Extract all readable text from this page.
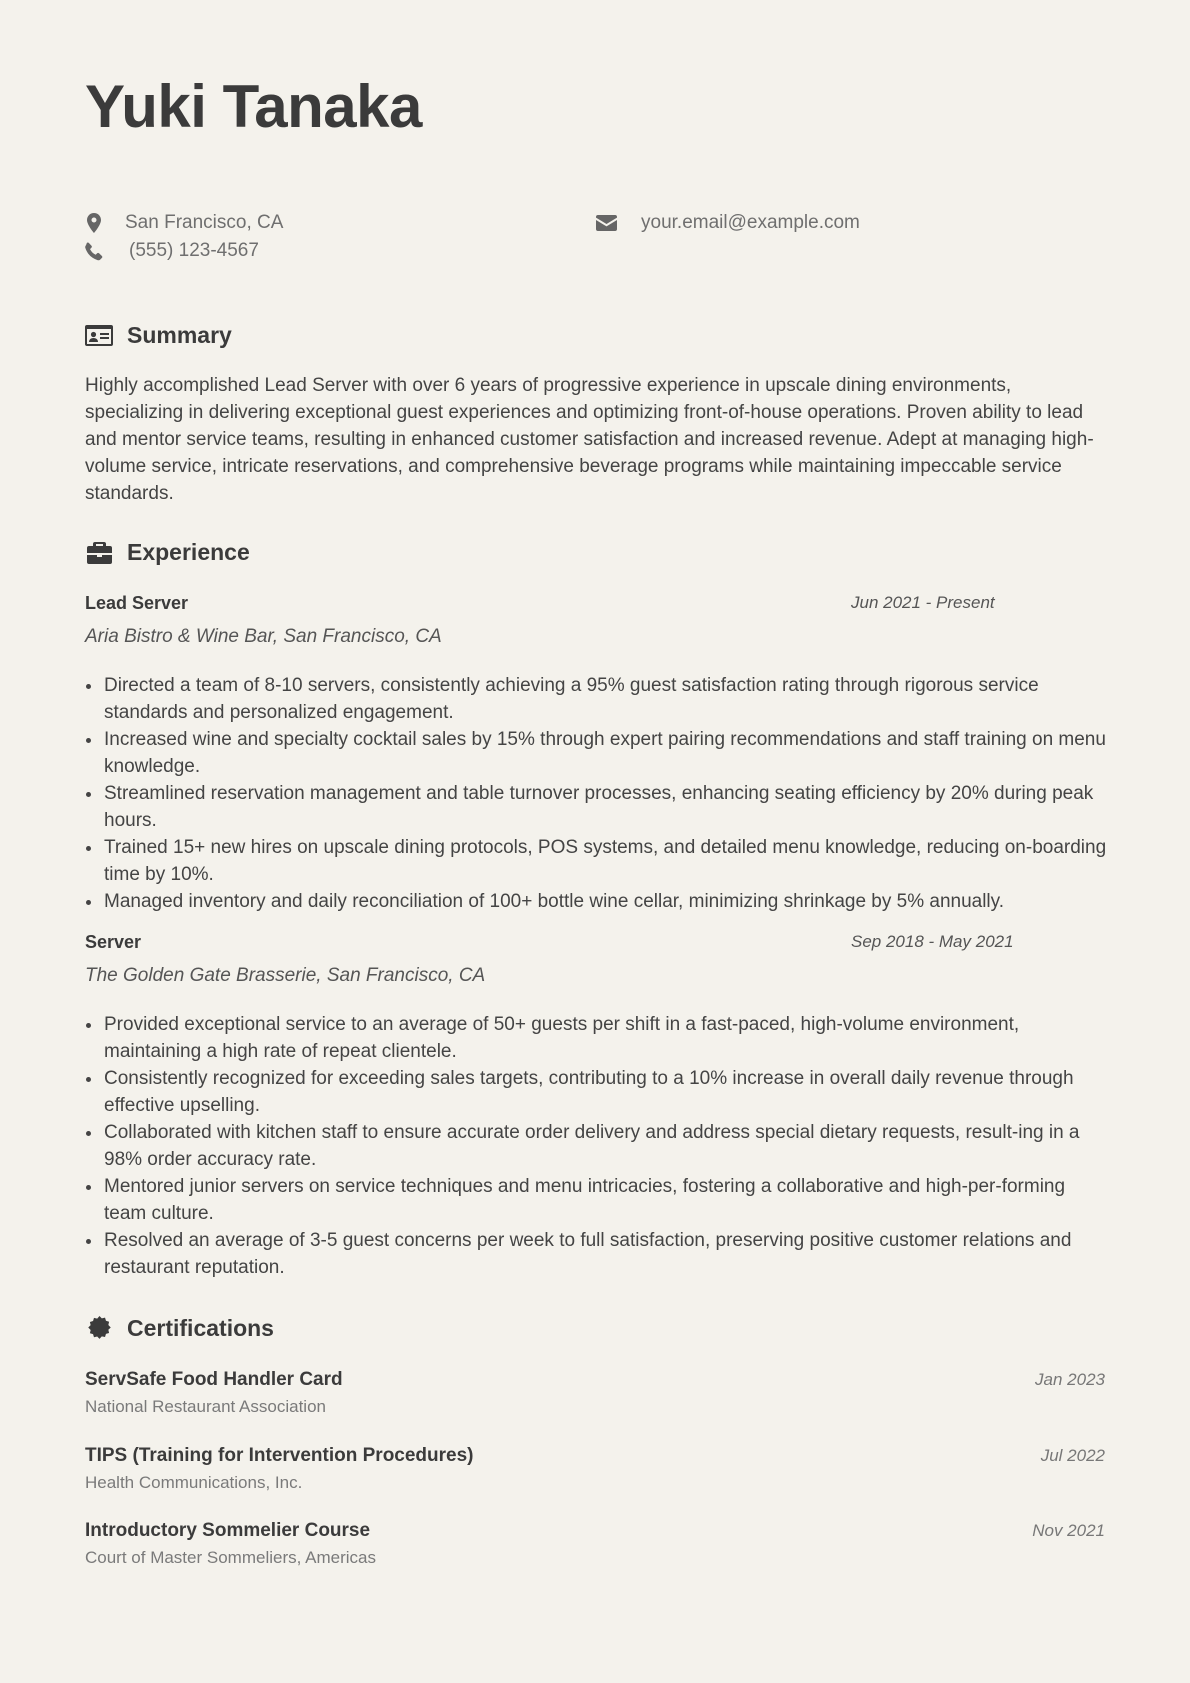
Yuki Tanaka
San Francisco, CA
(555) 123-4567
your.email@example.com
Summary

Highly accomplished Lead Server with over 6 years of progressive experience in upscale dining environments, specializing in delivering exceptional guest experiences and optimizing front-of-house operations. Proven ability to lead and mentor service teams, resulting in enhanced customer satisfaction and increased revenue. Adept at managing high-volume service, intricate reservations, and comprehensive beverage programs while maintaining impeccable service standards.

Experience
Lead Server	Jun 2021 - Present
Aria Bistro & Wine Bar, San Francisco, CA
Directed a team of 8-10 servers, consistently achieving a 95% guest satisfaction rating through rigorous service standards and personalized engagement.
Increased wine and specialty cocktail sales by 15% through expert pairing recommendations and staff training on menu knowledge.
Streamlined reservation management and table turnover processes, enhancing seating efficiency by 20% during peak hours.
Trained 15+ new hires on upscale dining protocols, POS systems, and detailed menu knowledge, reducing on-boarding time by 10%.
Managed inventory and daily reconciliation of 100+ bottle wine cellar, minimizing shrinkage by 5% annually.
Server	Sep 2018 - May 2021
The Golden Gate Brasserie, San Francisco, CA
Provided exceptional service to an average of 50+ guests per shift in a fast-paced, high-volume environment, maintaining a high rate of repeat clientele.
Consistently recognized for exceeding sales targets, contributing to a 10% increase in overall daily revenue through effective upselling.
Collaborated with kitchen staff to ensure accurate order delivery and address special dietary requests, result-ing in a 98% order accuracy rate.
Mentored junior servers on service techniques and menu intricacies, fostering a collaborative and high-per-forming team culture.
Resolved an average of 3-5 guest concerns per week to full satisfaction, preserving positive customer relations and restaurant reputation.
Certifications
ServSafe Food Handler Card	Jan 2023
National Restaurant Association
TIPS (Training for Intervention Procedures)	Jul 2022
Health Communications, Inc.
Introductory Sommelier Course	Nov 2021
Court of Master Sommeliers, Americas
